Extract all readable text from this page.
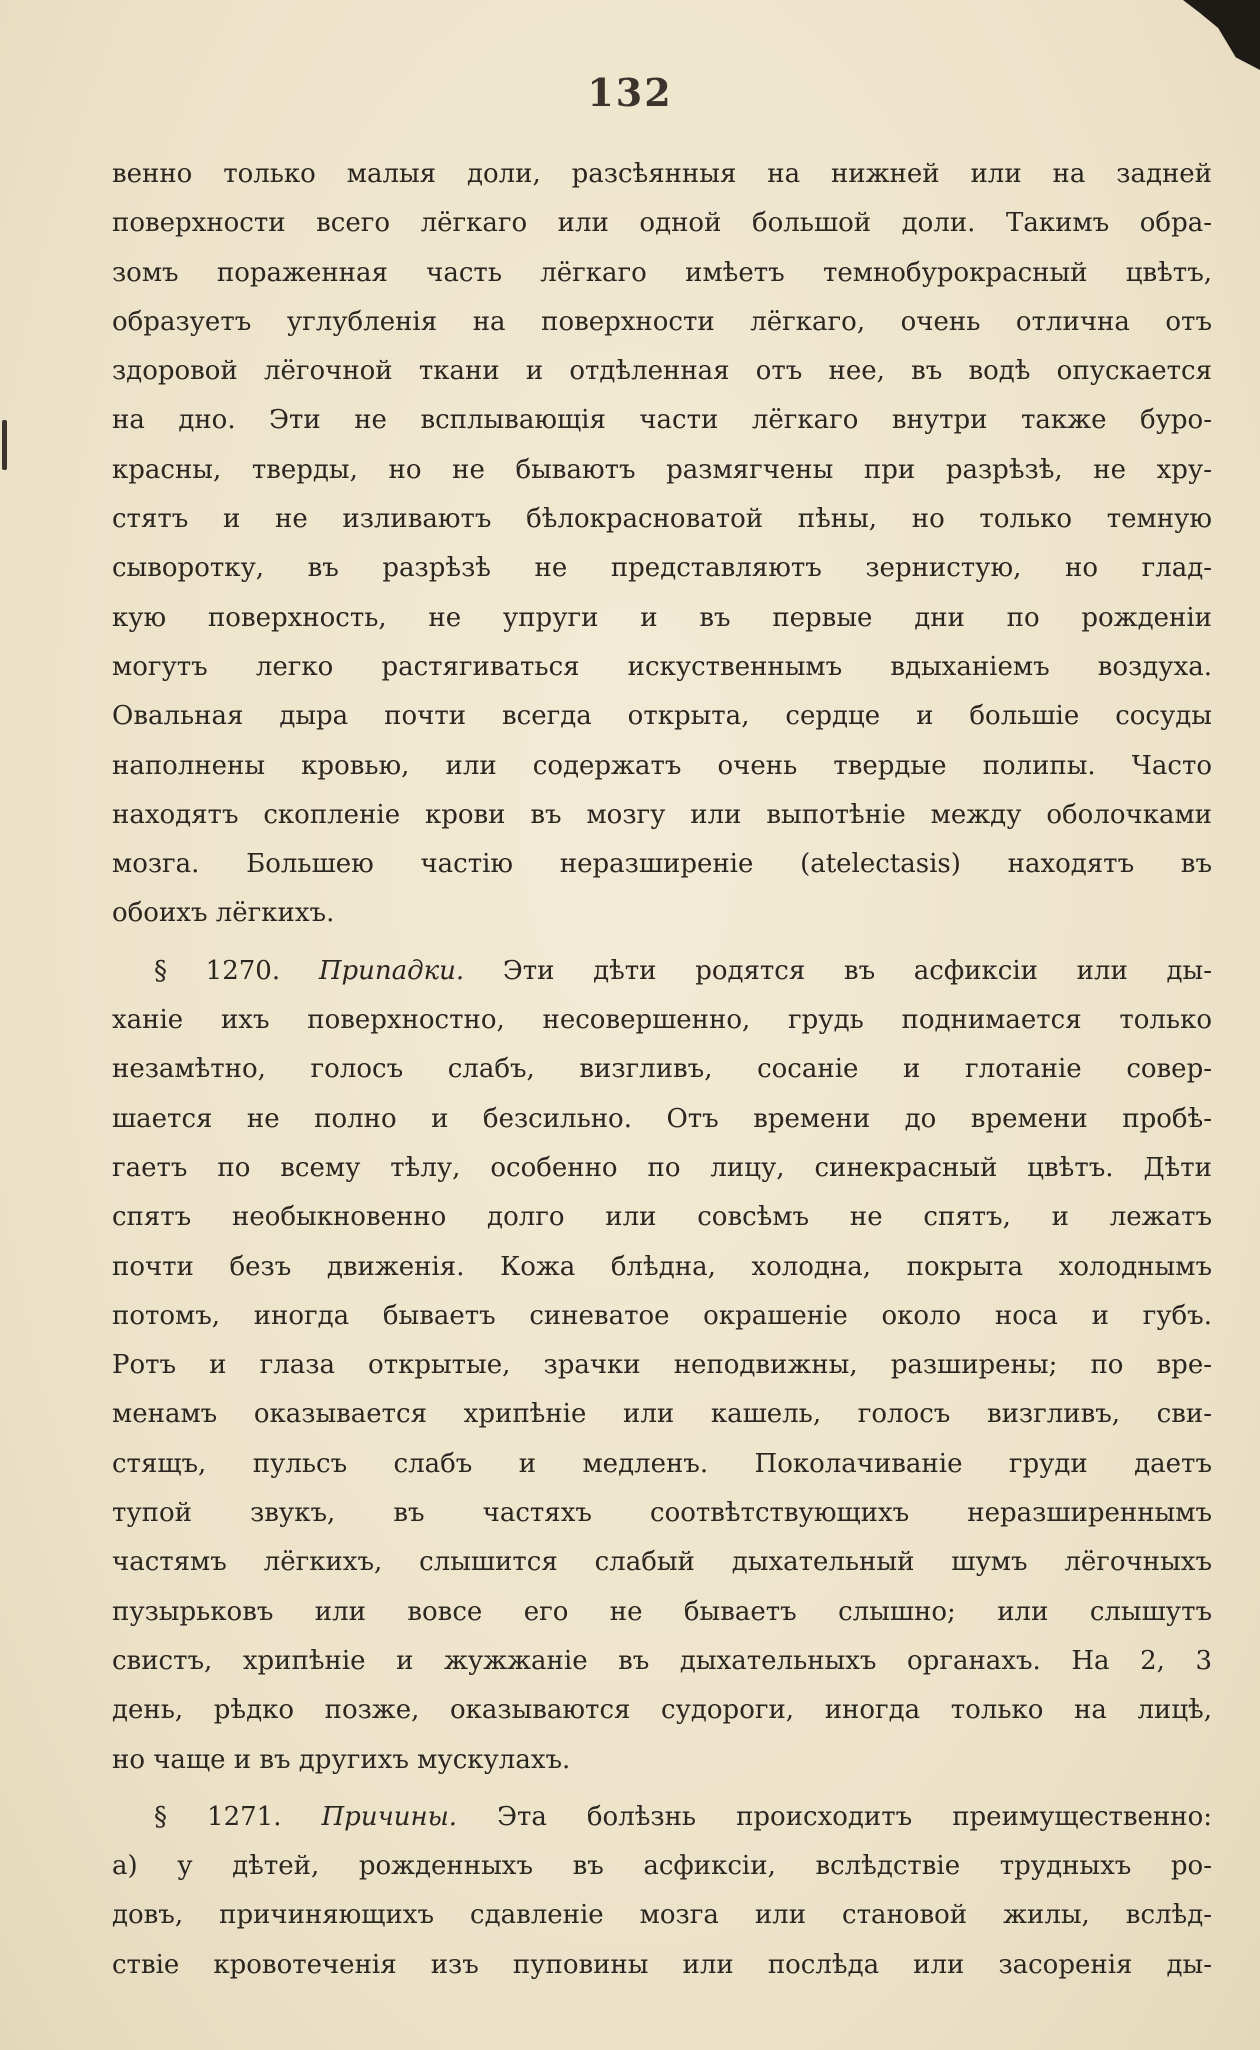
132
венно только малыя доли, разсѣянныя на нижней или на задней
поверхности всего лёгкаго или одной большой доли. Такимъ обра-
зомъ пораженная часть лёгкаго имѣетъ темнобурокрасный цвѣтъ,
образуетъ углубленія на поверхности лёгкаго, очень отлична отъ
здоровой лёгочной ткани и отдѣленная отъ нее, въ водѣ опускается
на дно. Эти не всплывающія части лёгкаго внутри также буро-
красны, тверды, но не бываютъ размягчены при разрѣзѣ, не хру-
стятъ и не изливаютъ бѣлокрасноватой пѣны, но только темную
сыворотку, въ разрѣзѣ не представляютъ зернистую, но глад-
кую поверхность, не упруги и въ первые дни по рожденіи
могутъ легко растягиваться искуственнымъ вдыханіемъ воздуха.
Овальная дыра почти всегда открыта, сердце и большіе сосуды
наполнены кровью, или содержатъ очень твердые полипы. Часто
находятъ скопленіе крови въ мозгу или выпотѣніе между оболочками
мозга. Большею частію неразширеніе (atelectasis) находятъ въ
обоихъ лёгкихъ.
§ 1270. Припадки. Эти дѣти родятся въ асфиксіи или ды-
ханіе ихъ поверхностно, несовершенно, грудь поднимается только
незамѣтно, голосъ слабъ, визгливъ, сосаніе и глотаніе совер-
шается не полно и безсильно. Отъ времени до времени пробѣ-
гаетъ по всему тѣлу, особенно по лицу, синекрасный цвѣтъ. Дѣти
спятъ необыкновенно долго или совсѣмъ не спятъ, и лежатъ
почти безъ движенія. Кожа блѣдна, холодна, покрыта холоднымъ
потомъ, иногда бываетъ синеватое окрашеніе около носа и губъ.
Ротъ и глаза открытые, зрачки неподвижны, разширены; по вре-
менамъ оказывается хрипѣніе или кашель, голосъ визгливъ, сви-
стящъ, пульсъ слабъ и медленъ. Поколачиваніе груди даетъ
тупой звукъ, въ частяхъ соотвѣтствующихъ неразширеннымъ
частямъ лёгкихъ, слышится слабый дыхательный шумъ лёгочныхъ
пузырьковъ или вовсе его не бываетъ слышно; или слышутъ
свистъ, хрипѣніе и жужжаніе въ дыхательныхъ органахъ. На 2, 3
день, рѣдко позже, оказываются судороги, иногда только на лицѣ,
но чаще и въ другихъ мускулахъ.
§ 1271. Причины. Эта болѣзнь происходитъ преимущественно:
а) у дѣтей, рожденныхъ въ асфиксіи, вслѣдствіе трудныхъ ро-
довъ, причиняющихъ сдавленіе мозга или становой жилы, вслѣд-
ствіе кровотеченія изъ пуповины или послѣда или засоренія ды-
